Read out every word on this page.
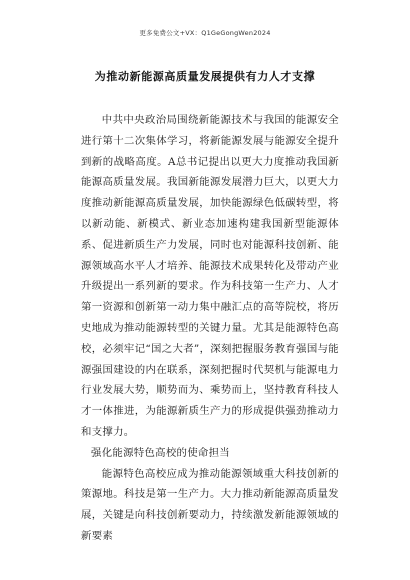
更多免费公文+VX：Q1GeGongWen2024
为推动新能源高质量发展提供有力人才支撑

中共中央政治局围绕新能源技术与我国的能源安全进行第十二次集体学习，将新能源发展与能源安全提升到新的战略高度。A总书记提出以更大力度推动我国新能源高质量发展。我国新能源发展潜力巨大，以更大力度推动新能源高质量发展，加快能源绿色低碳转型，将以新动能、新模式、新业态加速构建我国新型能源体系、促进新质生产力发展，同时也对能源科技创新、能源领域高水平人才培养、能源技术成果转化及带动产业升级提出一系列新的要求。作为科技第一生产力、人才第一资源和创新第一动力集中融汇点的高等院校，将历史地成为推动能源转型的关键力量。尤其是能源特色高校，必须牢记“国之大者”，深刻把握服务教育强国与能源强国建设的内在联系，深刻把握时代契机与能源电力行业发展大势，顺势而为、乘势而上，坚持教育科技人才一体推进，为能源新质生产力的形成提供强劲推动力和支撑力。

强化能源特色高校的使命担当

能源特色高校应成为推动能源领域重大科技创新的策源地。科技是第一生产力。大力推动新能源高质量发展，关键是向科技创新要动力，持续激发新能源领域的新要素
